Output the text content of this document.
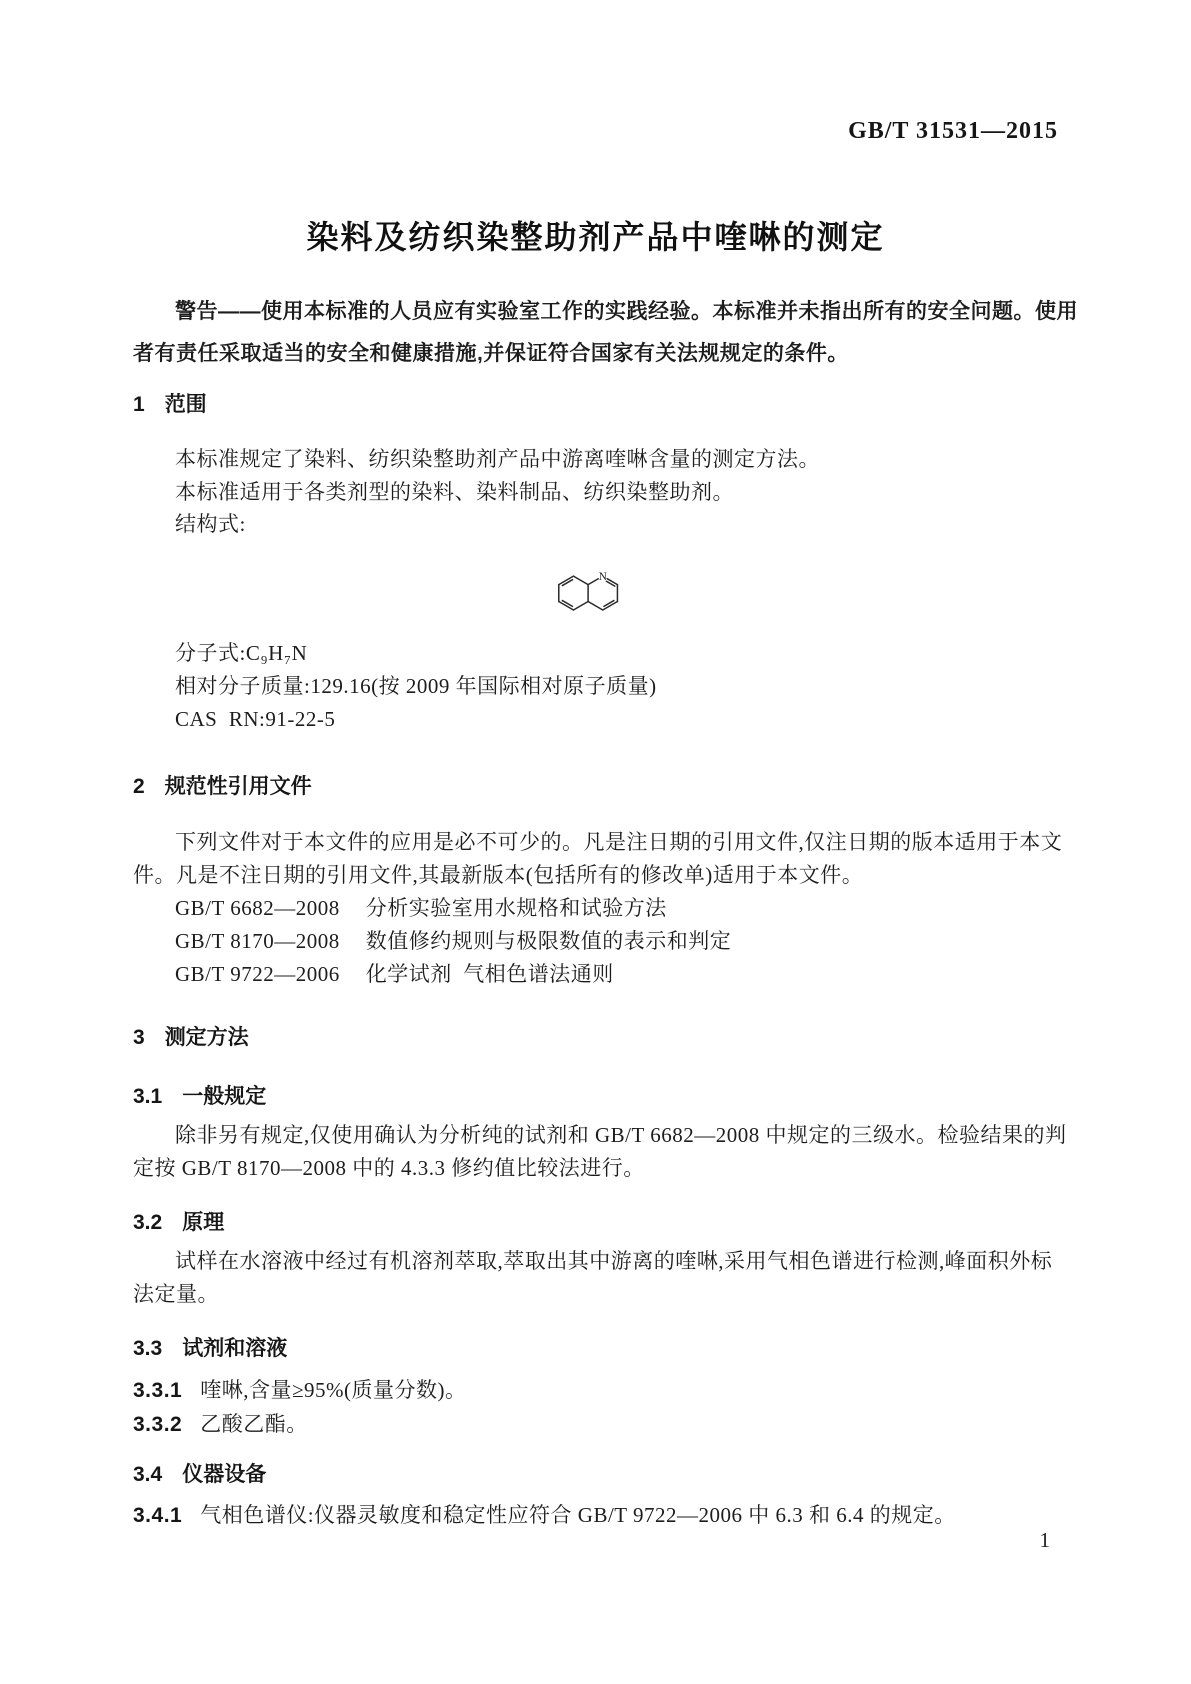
GB/T 31531—2015
染料及纺织染整助剂产品中喹啉的测定
警告——使用本标准的人员应有实验室工作的实践经验。本标准并未指出所有的安全问题。使用
者有责任采取适当的安全和健康措施,并保证符合国家有关法规规定的条件。
1 范围
本标准规定了染料、纺织染整助剂产品中游离喹啉含量的测定方法。
本标准适用于各类剂型的染料、染料制品、纺织染整助剂。
结构式:
N
分子式:C₉H₇N
相对分子质量:129.16(按 2009 年国际相对原子质量)
CAS  RN:91-22-5
2 规范性引用文件
下列文件对于本文件的应用是必不可少的。凡是注日期的引用文件,仅注日期的版本适用于本文
件。凡是不注日期的引用文件,其最新版本(包括所有的修改单)适用于本文件。
GB/T 6682—2008 分析实验室用水规格和试验方法
GB/T 8170—2008 数值修约规则与极限数值的表示和判定
GB/T 9722—2006 化学试剂  气相色谱法通则
3 测定方法
3.1 一般规定
除非另有规定,仅使用确认为分析纯的试剂和 GB/T 6682—2008 中规定的三级水。检验结果的判
定按 GB/T 8170—2008 中的 4.3.3 修约值比较法进行。
3.2 原理
试样在水溶液中经过有机溶剂萃取,萃取出其中游离的喹啉,采用气相色谱进行检测,峰面积外标
法定量。
3.3 试剂和溶液
3.3.1 喹啉,含量≥95%(质量分数)。
3.3.2 乙酸乙酯。
3.4 仪器设备
3.4.1 气相色谱仪:仪器灵敏度和稳定性应符合 GB/T 9722—2006 中 6.3 和 6.4 的规定。
1
